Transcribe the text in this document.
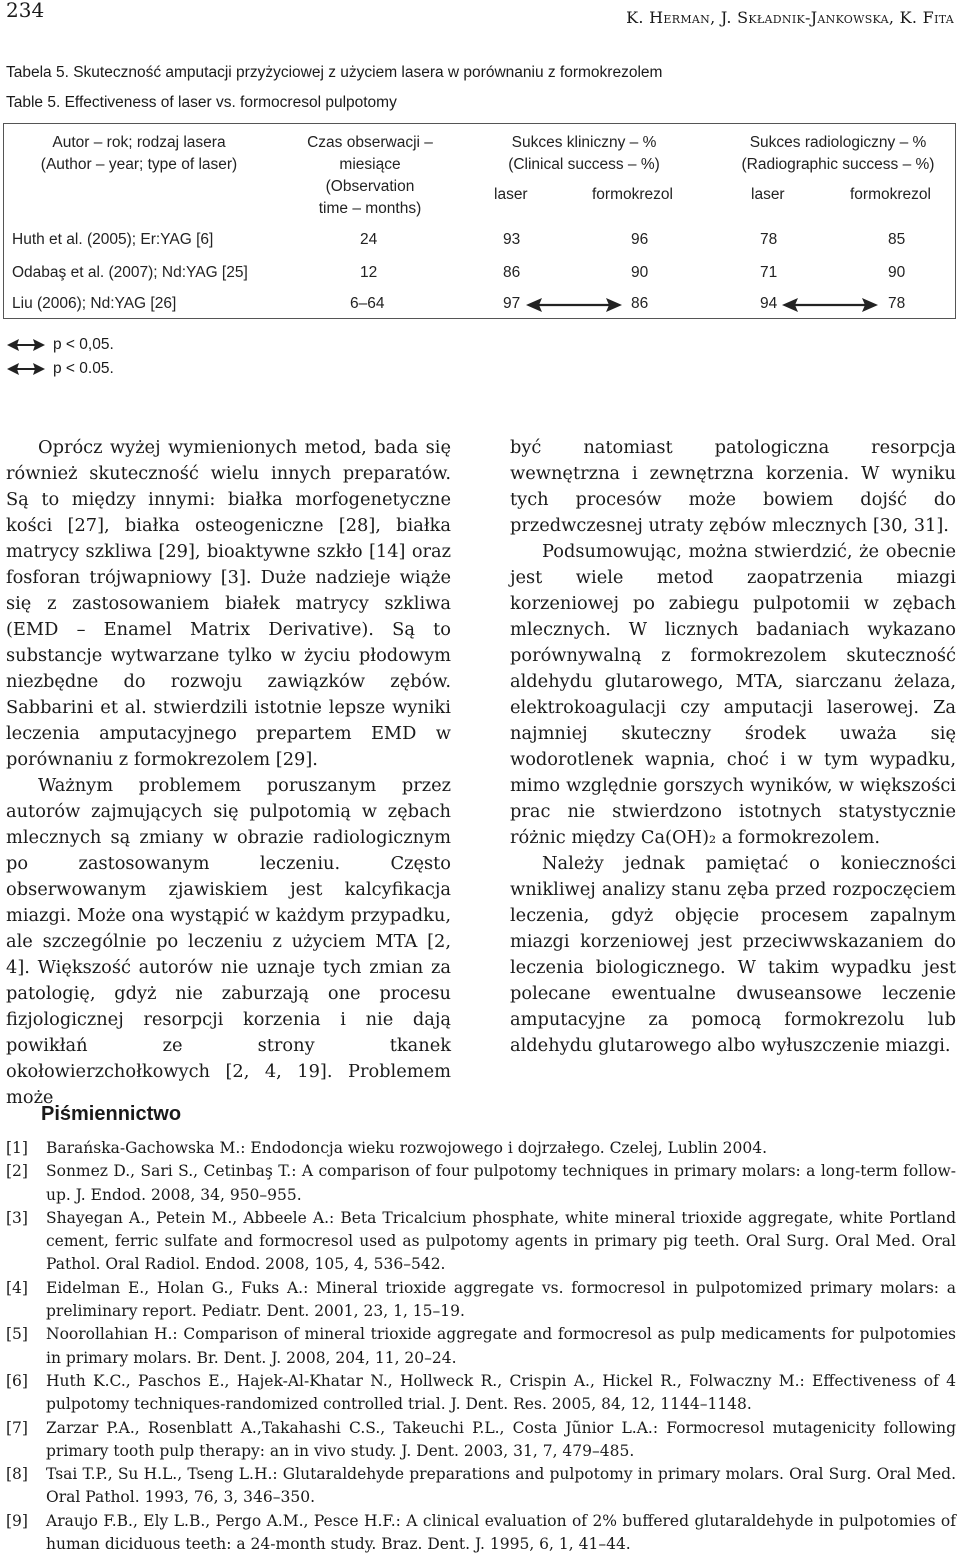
234	K. Herman, J. Składnik-Jankowska, K. Fita
Tabela 5. Skuteczność amputacji przyżyciowej z użyciem lasera w porównaniu z formokrezolem
Table 5. Effectiveness of laser vs. formocresol pulpotomy
Autor – rok; rodzaj lasera
(Author – year; type of laser)
Czas obserwacji –
miesiące
(Observation
time – months)
Sukces kliniczny – %
(Clinical success – %)
Sukces radiologiczny – %
(Radiographic success – %)
laser	formokrezol	laser	formokrezol
Huth et al. (2005); Er:YAG [6]	24	93	96	78	85
Odabaş et al. (2007); Nd:YAG [25]	12	86	90	71	90
Liu (2006); Nd:YAG [26]	6–64	97	86	94	78
p < 0,05.
p < 0.05.

Oprócz wyżej wymienionych metod, bada się również skuteczność wielu innych preparatów. Są to między innymi: białka morfogenetyczne kości [27], białka osteogeniczne [28], białka matrycy szkliwa [29], bioaktywne szkło [14] oraz fosforan trójwapniowy [3]. Duże nadzieje wiąże się z zastosowaniem białek matrycy szkliwa (EMD – Enamel Matrix Derivative). Są to substancje wytwarzane tylko w życiu płodowym niezbędne do rozwoju zawiązków zębów. Sabbarini et al. stwierdzili istotnie lepsze wyniki leczenia amputacyjnego prepartem EMD w porównaniu z formokrezolem [29].

Ważnym problemem poruszanym przez autorów zajmujących się pulpotomią w zębach mlecznych są zmiany w obrazie radiologicznym po zastosowanym leczeniu. Często obserwowanym zjawiskiem jest kalcyfikacja miazgi. Może ona wystąpić w każdym przypadku, ale szczególnie po leczeniu z użyciem MTA [2, 4]. Większość autorów nie uznaje tych zmian za patologię, gdyż nie zaburzają one procesu fizjologicznej resorpcji korzenia i nie dają powikłań ze strony tkanek okołowierzchołkowych [2, 4, 19]. Problemem może

być natomiast patologiczna resorpcja wewnętrzna i zewnętrzna korzenia. W wyniku tych procesów może bowiem dojść do przedwczesnej utraty zębów mlecznych [30, 31].

Podsumowując, można stwierdzić, że obecnie jest wiele metod zaopatrzenia miazgi korzeniowej po zabiegu pulpotomii w zębach mlecznych. W licznych badaniach wykazano porównywalną z formokrezolem skuteczność aldehydu glutarowego, MTA, siarczanu żelaza, elektrokoagulacji czy amputacji laserowej. Za najmniej skuteczny środek uważa się wodorotlenek wapnia, choć i w tym wypadku, mimo względnie gorszych wyników, w większości prac nie stwierdzono istotnych statystycznie różnic między Ca(OH)₂ a formokrezolem.

Należy jednak pamiętać o konieczności wnikliwej analizy stanu zęba przed rozpoczęciem leczenia, gdyż objęcie procesem zapalnym miazgi korzeniowej jest przeciwwskazaniem do leczenia biologicznego. W takim wypadku jest polecane ewentualne dwuseansowe leczenie amputacyjne za pomocą formokrezolu lub aldehydu glutarowego albo wyłuszczenie miazgi.

Piśmiennictwo
[1]	Barańska-Gachowska M.: Endodoncja wieku rozwojowego i dojrzałego. Czelej, Lublin 2004.
[2]	Sonmez D., Sari S., Cetinbaş T.: A comparison of four pulpotomy techniques in primary molars: a long-term follow-up. J. Endod. 2008, 34, 950–955.
[3]	Shayegan A., Petein M., Abbeele A.: Beta Tricalcium phosphate, white mineral trioxide aggregate, white Portland cement, ferric sulfate and formocresol used as pulpotomy agents in primary pig teeth. Oral Surg. Oral Med. Oral Pathol. Oral Radiol. Endod. 2008, 105, 4, 536–542.
[4]	Eidelman E., Holan G., Fuks A.: Mineral trioxide aggregate vs. formocresol in pulpotomized primary molars: a preliminary report. Pediatr. Dent. 2001, 23, 1, 15–19.
[5]	Noorollahian H.: Comparison of mineral trioxide aggregate and formocresol as pulp medicaments for pulpotomies in primary molars. Br. Dent. J. 2008, 204, 11, 20–24.
[6]	Huth K.C., Paschos E., Hajek-Al-Khatar N., Hollweck R., Crispin A., Hickel R., Folwaczny M.: Effectiveness of 4 pulpotomy techniques-randomized controlled trial. J. Dent. Res. 2005, 84, 12, 1144–1148.
[7]	Zarzar P.A., Rosenblatt A.,Takahashi C.S., Takeuchi P.L., Costa Jũnior L.A.: Formocresol mutagenicity following primary tooth pulp therapy: an in vivo study. J. Dent. 2003, 31, 7, 479–485.
[8]	Tsai T.P., Su H.L., Tseng L.H.: Glutaraldehyde preparations and pulpotomy in primary molars. Oral Surg. Oral Med. Oral Pathol. 1993, 76, 3, 346–350.
[9]	Araujo F.B., Ely L.B., Pergo A.M., Pesce H.F.: A clinical evaluation of 2% buffered glutaraldehyde in pulpotomies of human diciduous teeth: a 24-month study. Braz. Dent. J. 1995, 6, 1, 41–44.
